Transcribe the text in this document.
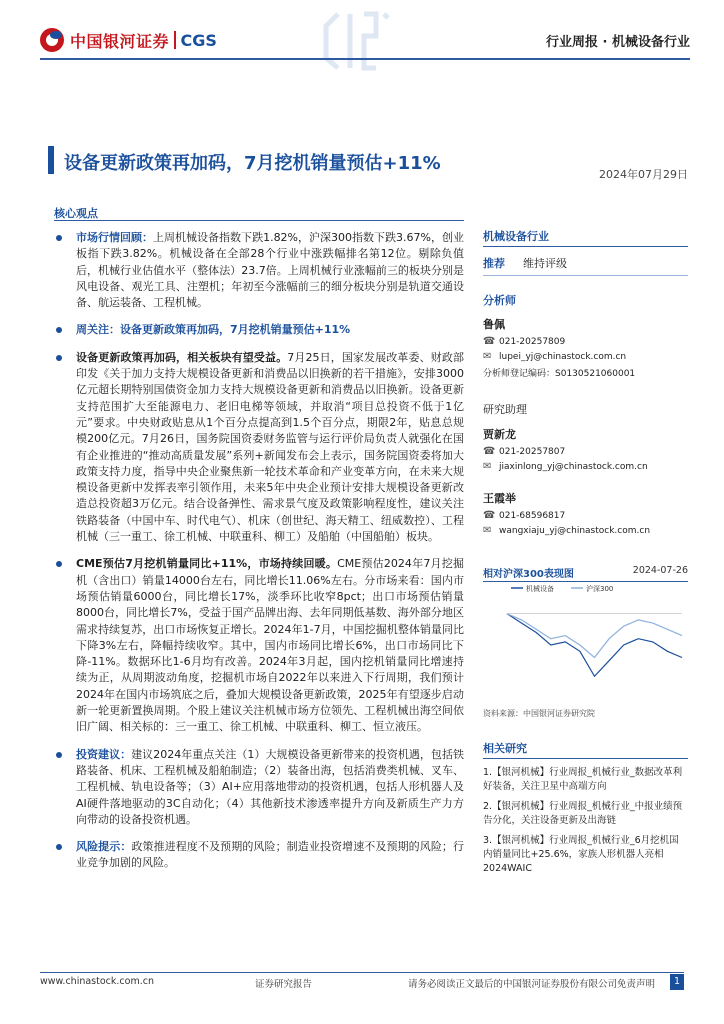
中国银河证券 CGS	行业周报 · 机械设备行业
设备更新政策再加码，7月挖机销量预估+11%
2024年07月29日
核心观点
市场行情回顾：上周机械设备指数下跌1.82%，沪深300指数下跌3.67%，创业板指下跌3.82%。机械设备在全部28个行业中涨跌幅排名第12位。剔除负值后，机械行业估值水平（整体法）23.7倍。上周机械行业涨幅前三的板块分别是风电设备、观光工具、注塑机；年初至今涨幅前三的细分板块分别是轨道交通设备、航运装备、工程机械。
周关注：设备更新政策再加码，7月挖机销量预估+11%
设备更新政策再加码，相关板块有望受益。7月25日，国家发展改革委、财政部印发《关于加力支持大规模设备更新和消费品以旧换新的若干措施》，安排3000亿元超长期特别国债资金加力支持大规模设备更新和消费品以旧换新。设备更新支持范围扩大至能源电力、老旧电梯等领域，并取消“项目总投资不低于1亿元”要求。中央财政贴息从1个百分点提高到1.5个百分点，期限2年，贴息总规模200亿元。7月26日，国务院国资委财务监管与运行评价局负责人就强化在国有企业推进的“推动高质量发展”系列+新闻发布会上表示，国务院国资委将加大政策支持力度，指导中央企业聚焦新一轮技术革命和产业变革方向，在未来大规模设备更新中发挥表率引领作用，未来5年中央企业预计安排大规模设备更新改造总投资超3万亿元。结合设备弹性、需求景气度及政策影响程度性，建议关注铁路装备（中国中车、时代电气）、机床（创世纪、海天精工、纽威数控）、工程机械（三一重工、徐工机械、中联重科、柳工）及船舶（中国船舶）板块。
CME预估7月挖机销量同比+11%，市场持续回暖。CME预估2024年7月挖掘机（含出口）销量14000台左右，同比增长11.06%左右。分市场来看：国内市场预估销量6000台，同比增长17%，淡季环比收窄8pct；出口市场预估销量8000台，同比增长7%，受益于国产品牌出海、去年同期低基数、海外部分地区需求持续复苏，出口市场恢复正增长。2024年1-7月，中国挖掘机整体销量同比下降3%左右，降幅持续收窄。其中，国内市场同比增长6%，出口市场同比下降-11%。数据环比1-6月均有改善。2024年3月起，国内挖机销量同比增速持续为正，从周期波动角度，挖掘机市场自2022年以来进入下行周期，我们预计2024年在国内市场筑底之后，叠加大规模设备更新政策，2025年有望逐步启动新一轮更新置换周期。个股上建议关注机械市场方位领先、工程机械出海空间依旧广阔、相关标的：三一重工、徐工机械、中联重科、柳工、恒立液压。
投资建议：建议2024年重点关注（1）大规模设备更新带来的投资机遇，包括铁路装备、机床、工程机械及船舶制造；（2）装备出海，包括消费类机械、叉车、工程机械、轨电设备等；（3）AI+应用落地带动的投资机遇，包括人形机器人及AI硬件落地驱动的3C自动化；（4）其他新技术渗透率提升方向及新质生产力方向带动的设备投资机遇。
风险提示：政策推进程度不及预期的风险；制造业投资增速不及预期的风险；行业竞争加剧的风险。
机械设备行业
推荐 维持评级
分析师
鲁佩
☎ 021-20257809
✉ lupei_yj@chinastock.com.cn
分析师登记编码：S0130521060001
研究助理
贾新龙
☎ 021-20257807
✉ jiaxinlong_yj@chinastock.com.cn
王霞举
☎ 021-68596817
✉ wangxiaju_yj@chinastock.com.cn
相对沪深300表现图	2024-07-26
机械设备	沪深300
资料来源：中国银河证券研究院
相关研究
1.【银河机械】行业周报_机械行业_数据改革利好装备，关注卫星中高端方向
2.【银河机械】行业周报_机械行业_中报业绩预告分化，关注设备更新及出海链
3.【银河机械】行业周报_机械行业_6月挖机国内销量同比+25.6%，家族人形机器人亮相2024WAIC
www.chinastock.com.cn	证券研究报告	请务必阅读正文最后的中国银河证券股份有限公司免责声明	1
